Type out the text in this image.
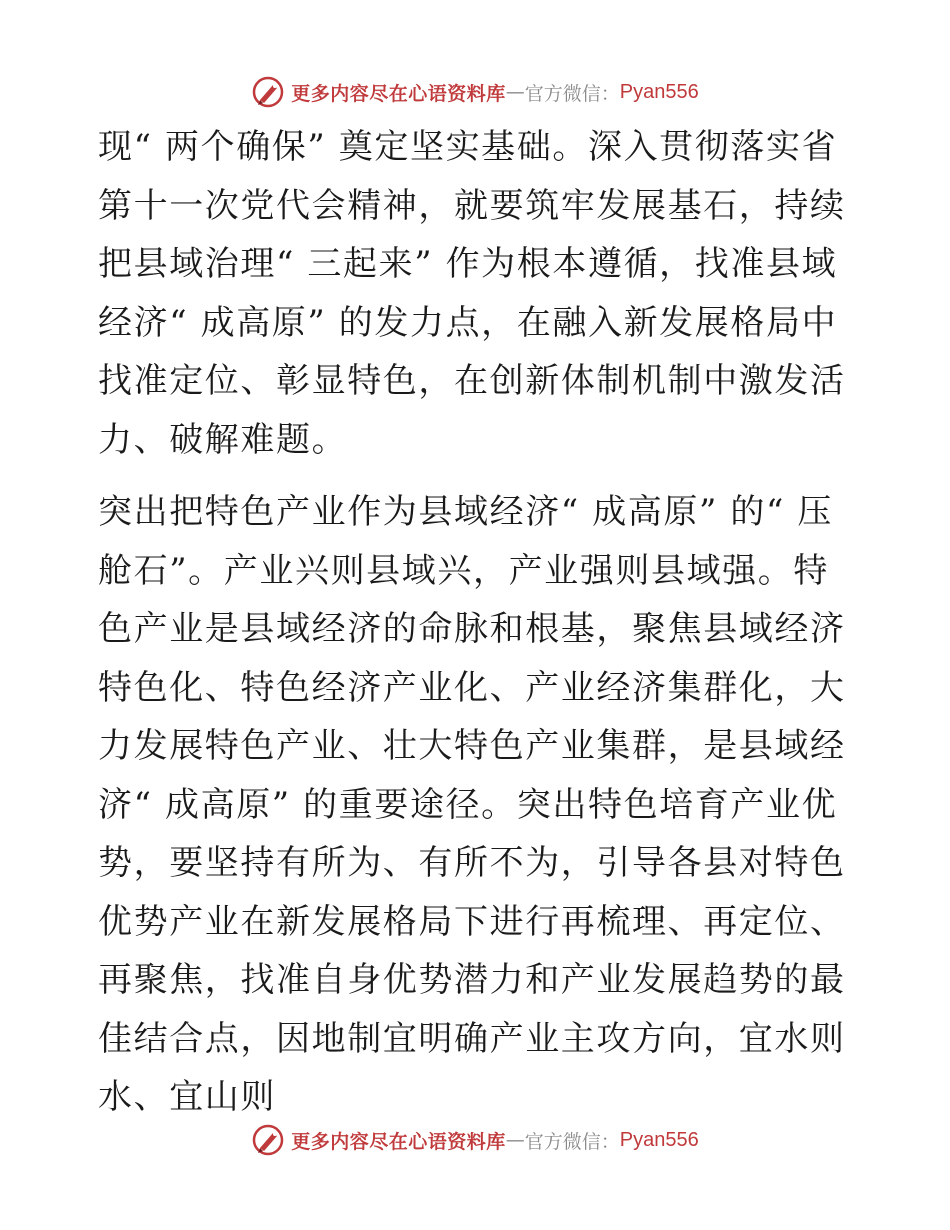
更多内容尽在心语资料库 — 官方微信： Pyan556

现“ 两个确保” 奠定坚实基础。深入贯彻落实省第十一次党代会精神，就要筑牢发展基石，持续把县域治理“ 三起来” 作为根本遵循，找准县域经济“ 成高原” 的发力点，在融入新发展格局中找准定位、彰显特色，在创新体制机制中激发活力、破解难题。

突出把特色产业作为县域经济“ 成高原” 的“ 压舱石”。产业兴则县域兴，产业强则县域强。特色产业是县域经济的命脉和根基，聚焦县域经济特色化、特色经济产业化、产业经济集群化，大力发展特色产业、壮大特色产业集群，是县域经济“ 成高原” 的重要途径。突出特色培育产业优势，要坚持有所为、有所不为，引导各县对特色优势产业在新发展格局下进行再梳理、再定位、再聚焦，找准自身优势潜力和产业发展趋势的最佳结合点，因地制宜明确产业主攻方向，宜水则水、宜山则

更多内容尽在心语资料库 — 官方微信： Pyan556
